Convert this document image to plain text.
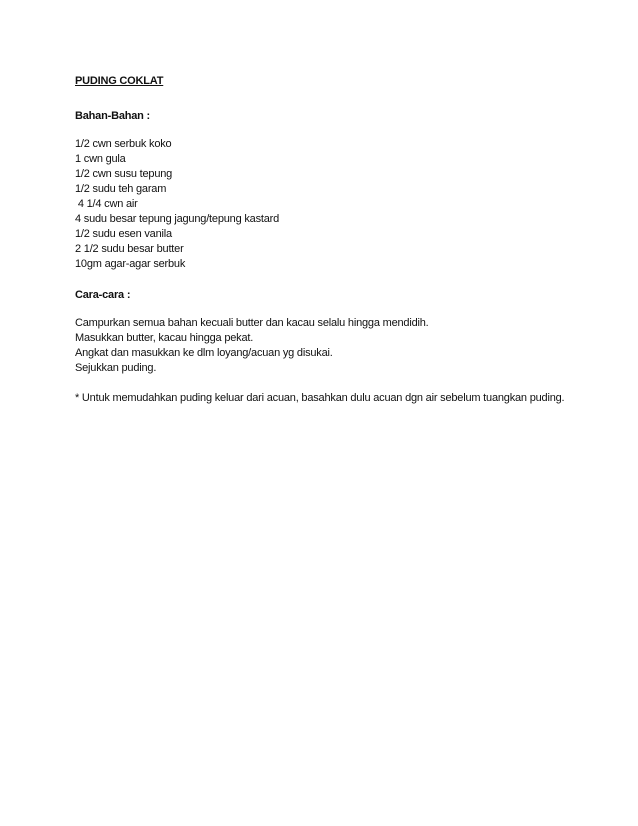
PUDING COKLAT

Bahan-Bahan :

1/2 cwn serbuk koko
1 cwn gula
1/2 cwn susu tepung
1/2 sudu teh garam
4 1/4 cwn air
4 sudu besar tepung jagung/tepung kastard
1/2 sudu esen vanila
2 1/2 sudu besar butter
10gm agar-agar serbuk

Cara-cara :

Campurkan semua bahan kecuali butter dan kacau selalu hingga mendidih.
Masukkan butter, kacau hingga pekat.
Angkat dan masukkan ke dlm loyang/acuan yg disukai.
Sejukkan puding.

* Untuk memudahkan puding keluar dari acuan, basahkan dulu acuan dgn air sebelum tuangkan puding.
